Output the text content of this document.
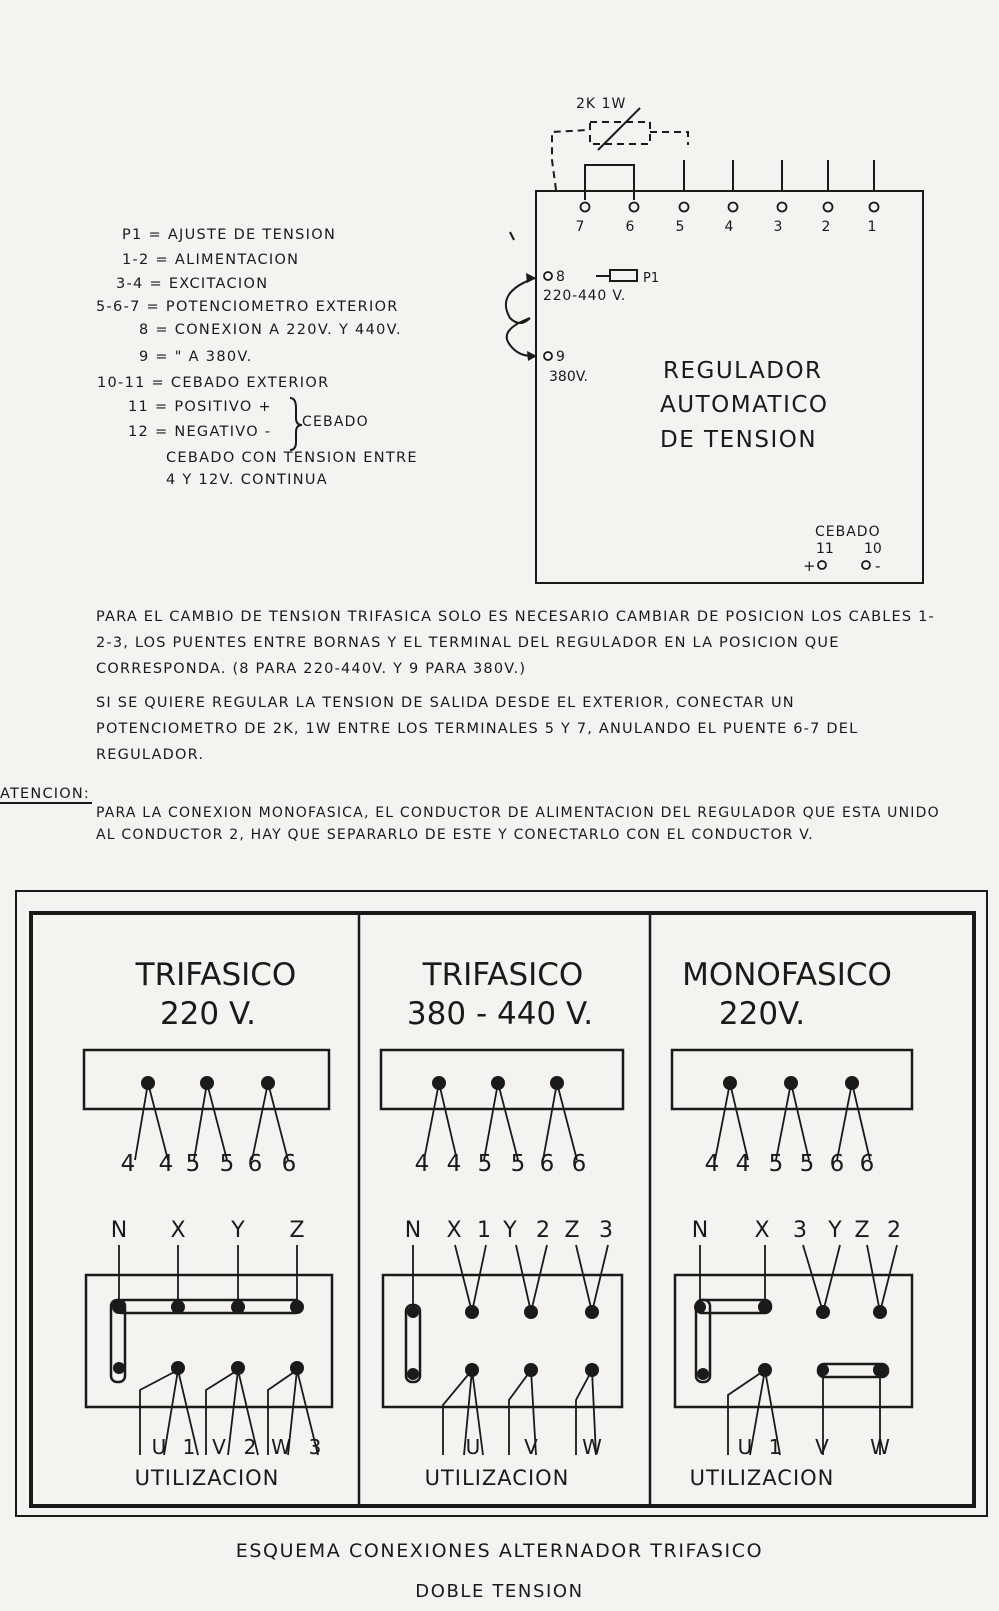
2K 1W
7	6	5	4	3	2	1
8
220-440 V.
P1
9
380V.	REGULADOR
AUTOMATICO
DE TENSION
CEBADO
11 10
+	-
CEBADO
P1 = AJUSTE DE TENSION
1-2 = ALIMENTACION
3-4 = EXCITACION
5-6-7 = POTENCIOMETRO EXTERIOR
8 = CONEXION A 220V. Y 440V.
9 = " A 380V.
10-11 = CEBADO EXTERIOR
11 = POSITIVO +
12 = NEGATIVO -
CEBADO CON TENSION ENTRE
4 Y 12V. CONTINUA
PARA EL CAMBIO DE TENSION TRIFASICA SOLO ES NECESARIO CAMBIAR DE POSICION LOS CABLES 1-2-3, LOS PUENTES ENTRE BORNAS Y EL TERMINAL DEL REGULADOR EN LA POSICION QUE CORRESPONDA. (8 PARA 220-440V. Y 9 PARA 380V.)
SI SE QUIERE REGULAR LA TENSION DE SALIDA DESDE EL EXTERIOR, CONECTAR UN POTENCIOMETRO DE 2K, 1W ENTRE LOS TERMINALES 5 Y 7, ANULANDO EL PUENTE 6-7 DEL REGULADOR.
ATENCION:
PARA LA CONEXION MONOFASICA, EL CONDUCTOR DE ALIMENTACION DEL REGULADOR QUE ESTA UNIDO AL CONDUCTOR 2, HAY QUE SEPARARLO DE ESTE Y CONECTARLO CON EL CONDUCTOR V.
TRIFASICO
220 V.
4 4 5 5 6 6
N X Y Z
U 1 V 2 W 3
UTILIZACION
TRIFASICO
380 - 440 V.
4 4 5 5 6 6
N X 1 Y 2 Z 3
U V W
UTILIZACION
MONOFASICO
220V.
4 4 5 5 6 6
N X 3 Y Z 2
U 1 V W
UTILIZACION
ESQUEMA CONEXIONES ALTERNADOR TRIFASICO
DOBLE TENSION
